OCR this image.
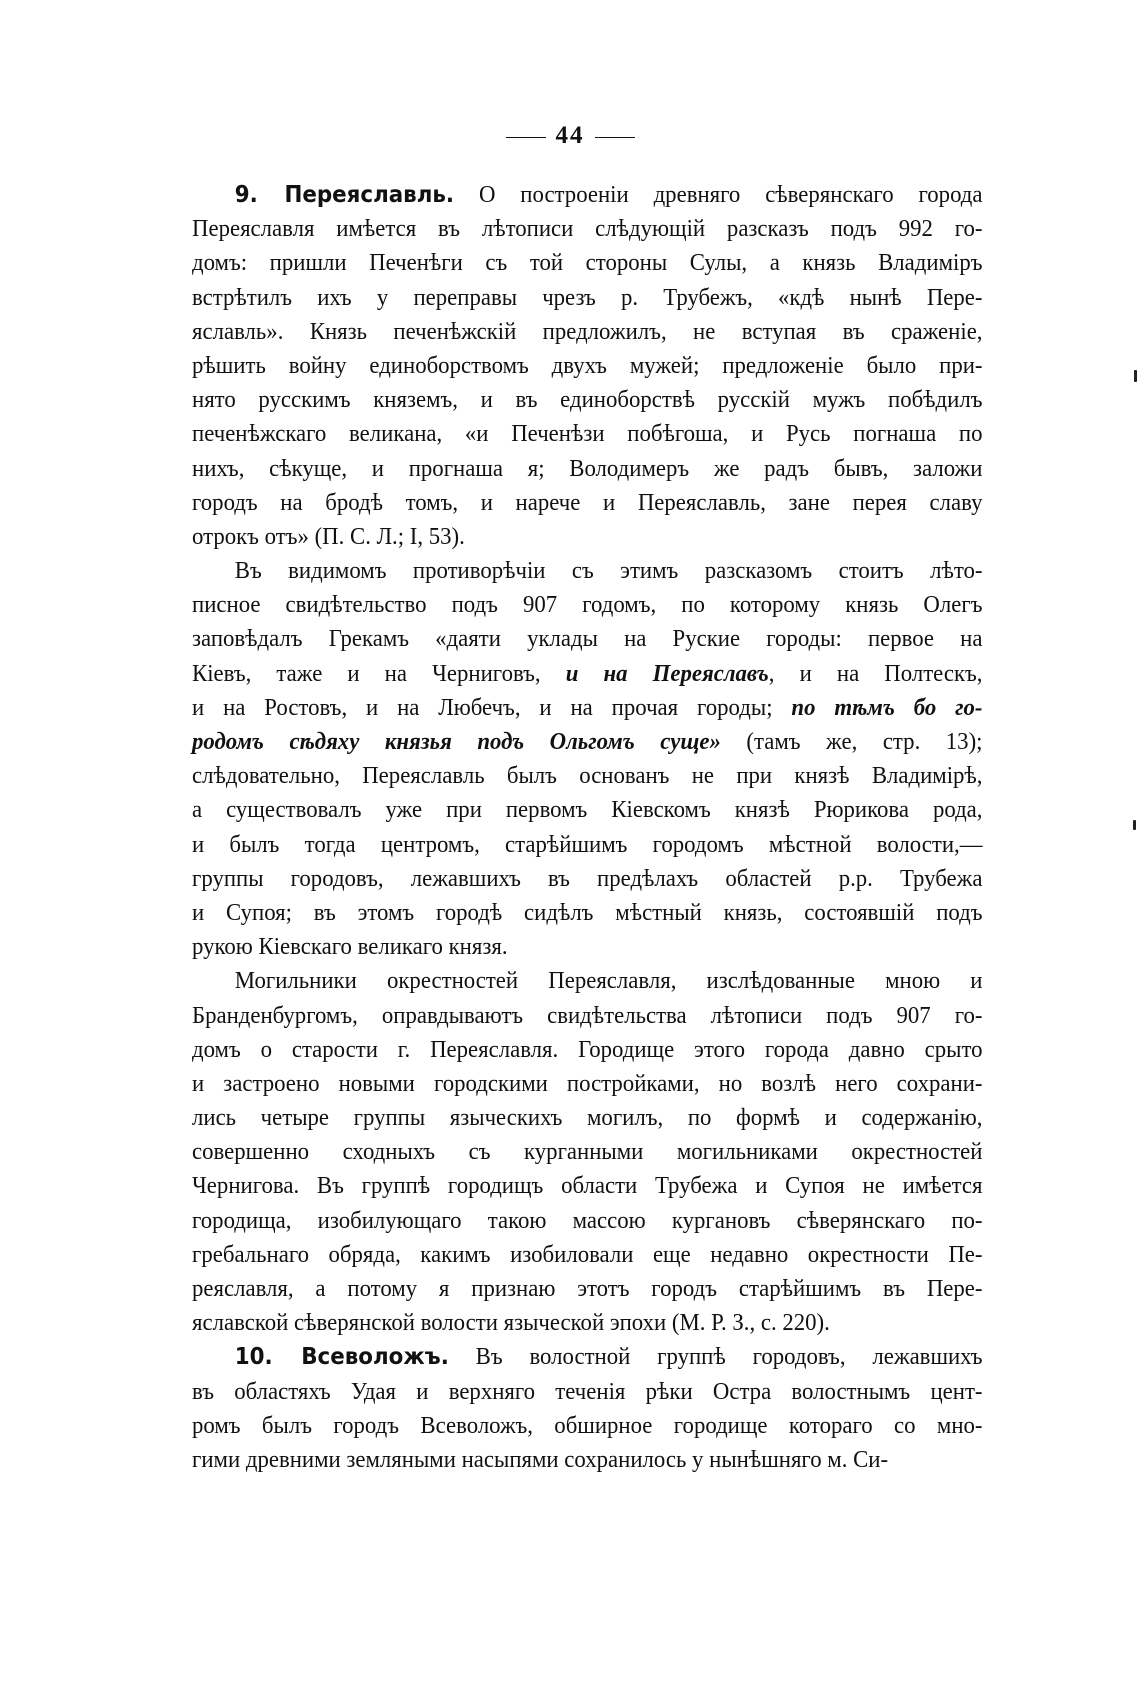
44
9. Переяславль. О построеніи древняго сѣверянскаго города
Переяславля имѣется въ лѣтописи слѣдующій разсказъ подъ 992 го-
домъ: пришли Печенѣги съ той стороны Сулы, а князь Владиміръ
встрѣтилъ ихъ у переправы чрезъ р. Трубежъ, «кдѣ нынѣ Пере-
яславль». Князь печенѣжскій предложилъ, не вступая въ сраженіе,
рѣшить войну единоборствомъ двухъ мужей; предложеніе было при-
нято русскимъ княземъ, и въ единоборствѣ русскій мужъ побѣдилъ
печенѣжскаго великана, «и Печенѣзи побѣгоша, и Русь погнаша по
нихъ, сѣкуще, и прогнаша я; Володимеръ же радъ бывъ, заложи
городъ на бродѣ томъ, и нарече и Переяславль, зане перея славу
отрокъ отъ» (П. С. Л.; I, 53).
Въ видимомъ противорѣчіи съ этимъ разсказомъ стоитъ лѣто-
писное свидѣтельство подъ 907 годомъ, по которому князь Олегъ
заповѣдалъ Грекамъ «даяти уклады на Руские городы: первое на
Кіевъ, таже и на Черниговъ, и на Переяславъ, и на Полтескъ,
и на Ростовъ, и на Любечъ, и на прочая городы; по тѣмъ бо го-
родомъ сѣдяху князья подъ Ольгомъ суще» (тамъ же, стр. 13);
слѣдовательно, Переяславль былъ основанъ не при князѣ Владимірѣ,
а существовалъ уже при первомъ Кіевскомъ князѣ Рюрикова рода,
и былъ тогда центромъ, старѣйшимъ городомъ мѣстной волости,—
группы городовъ, лежавшихъ въ предѣлахъ областей р.р. Трубежа
и Супоя; въ этомъ городѣ сидѣлъ мѣстный князь, состоявшій подъ
рукою Кіевскаго великаго князя.
Могильники окрестностей Переяславля, изслѣдованные мною и
Бранденбургомъ, оправдываютъ свидѣтельства лѣтописи подъ 907 го-
домъ о старости г. Переяславля. Городище этого города давно срыто
и застроено новыми городскими постройками, но возлѣ него сохрани-
лись четыре группы языческихъ могилъ, по формѣ и содержанію,
совершенно сходныхъ съ курганными могильниками окрестностей
Чернигова. Въ группѣ городищъ области Трубежа и Супоя не имѣется
городища, изобилующаго такою массою кургановъ сѣверянскаго по-
гребальнаго обряда, какимъ изобиловали еще недавно окрестности Пе-
реяславля, а потому я признаю этотъ городъ старѣйшимъ въ Пере-
яславской сѣверянской волости языческой эпохи (М. Р. З., с. 220).
10. Всеволожъ. Въ волостной группѣ городовъ, лежавшихъ
въ областяхъ Удая и верхняго теченія рѣки Остра волостнымъ цент-
ромъ былъ городъ Всеволожъ, обширное городище котораго со мно-
гими древними земляными насыпями сохранилось у нынѣшняго м. Си-
